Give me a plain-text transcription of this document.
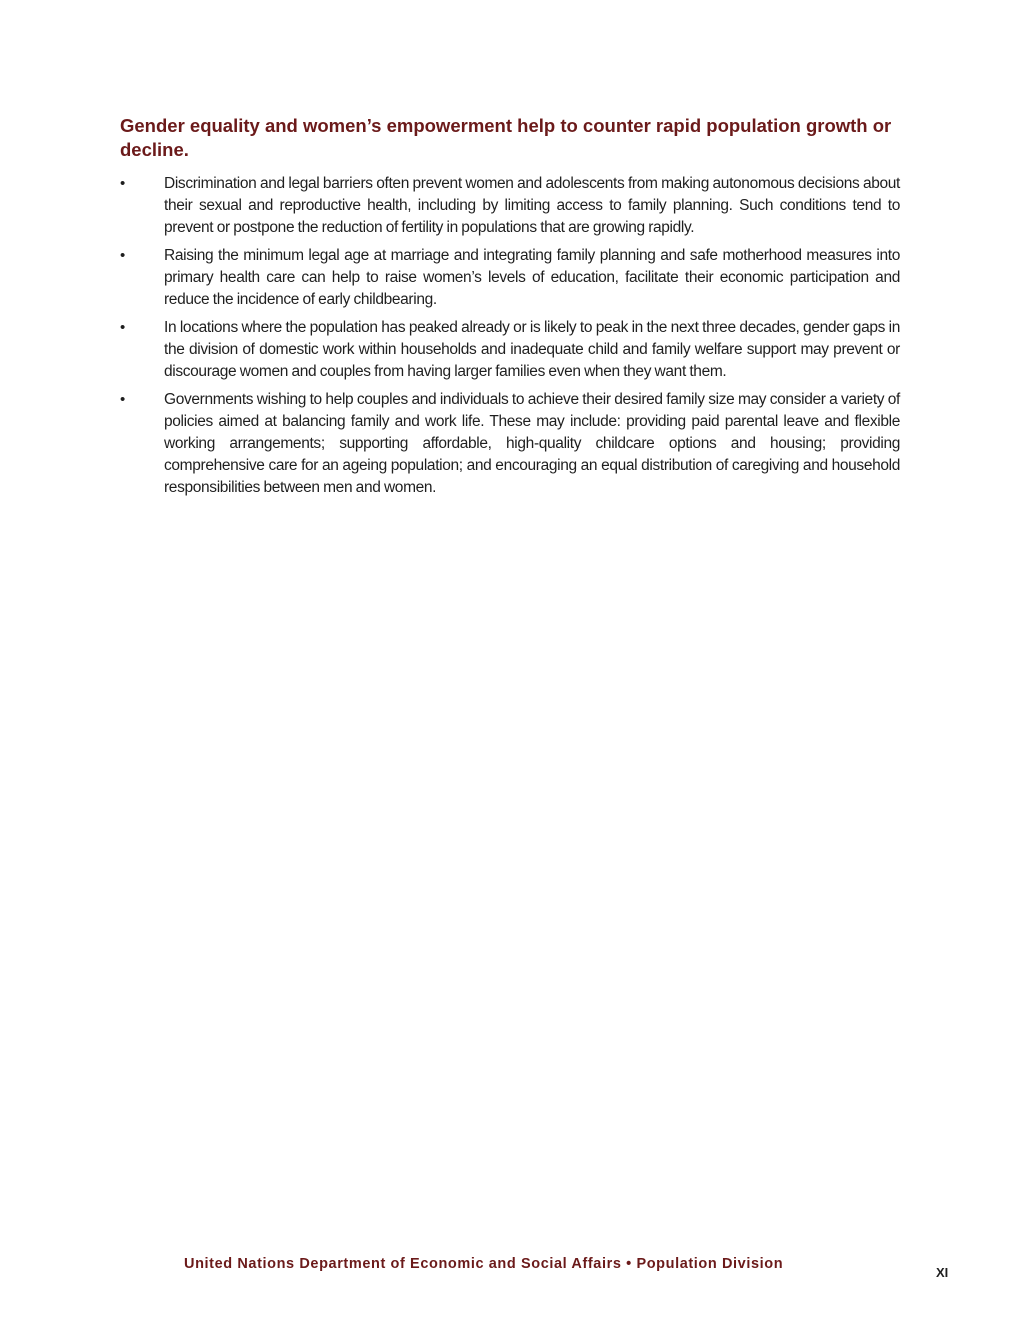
Gender equality and women’s empowerment help to counter rapid population growth or decline.
•	Discrimination and legal barriers often prevent women and adolescents from making autonomous decisions about their sexual and reproductive health, including by limiting access to family planning. Such conditions tend to prevent or postpone the reduction of fertility in populations that are growing rapidly.
•	Raising the minimum legal age at marriage and integrating family planning and safe motherhood measures into primary health care can help to raise women’s levels of education, facilitate their economic participation and reduce the incidence of early childbearing.
•	In locations where the population has peaked already or is likely to peak in the next three decades, gender gaps in the division of domestic work within households and inadequate child and family welfare support may prevent or discourage women and couples from having larger families even when they want them.
•	Governments wishing to help couples and individuals to achieve their desired family size may consider a variety of policies aimed at balancing family and work life. These may include: providing paid parental leave and flexible working arrangements; supporting affordable, high-quality childcare options and housing; providing comprehensive care for an ageing population; and encouraging an equal distribution of caregiving and household responsibilities between men and women.
United Nations Department of Economic and Social Affairs • Population Division
XI
